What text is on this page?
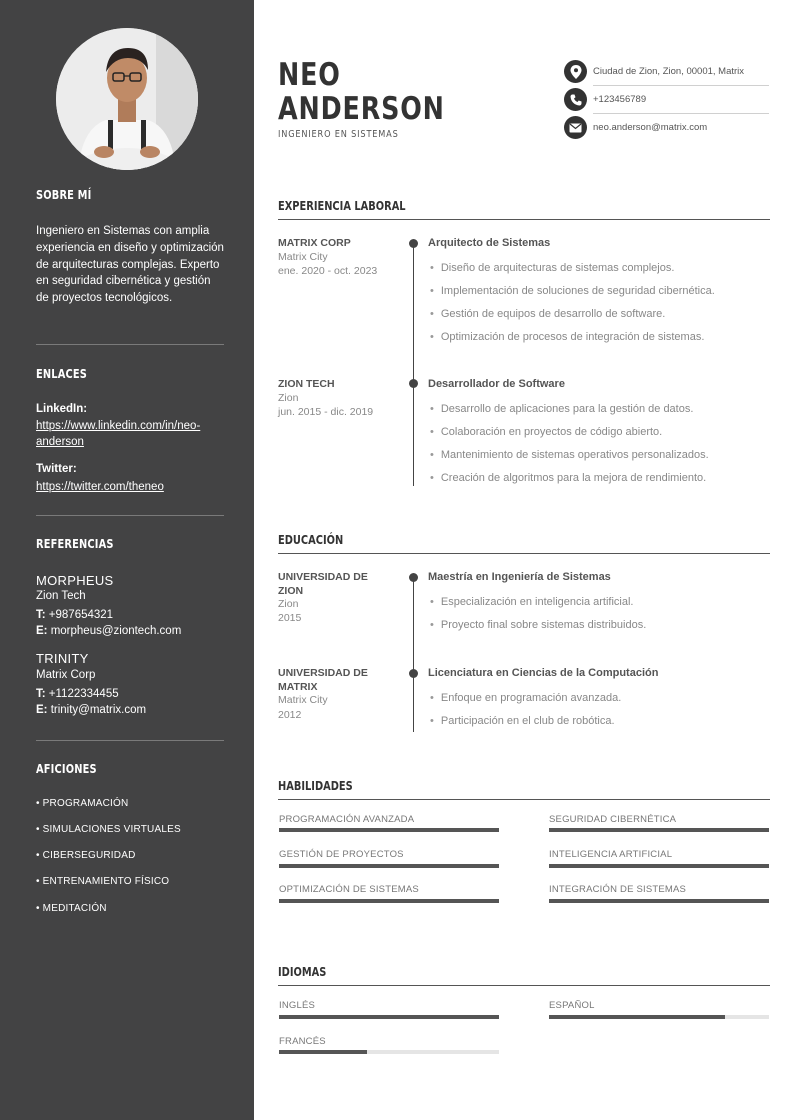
SOBRE MÍ
Ingeniero en Sistemas con amplia experiencia en diseño y optimización de arquitecturas complejas. Experto en seguridad cibernética y gestión de proyectos tecnológicos.
ENLACES
LinkedIn:
https://www.linkedin.com/in/neo-anderson
Twitter:
https://twitter.com/theneo
REFERENCIAS
MORPHEUS
Zion Tech
T: +987654321
E: morpheus@ziontech.com
TRINITY
Matrix Corp
T: +1122334455
E: trinity@matrix.com
AFICIONES
• PROGRAMACIÓN
• SIMULACIONES VIRTUALES
• CIBERSEGURIDAD
• ENTRENAMIENTO FÍSICO
• MEDITACIÓN
NEO
ANDERSON
INGENIERO EN SISTEMAS
Ciudad de Zion, Zion, 00001, Matrix
+123456789
neo.anderson@matrix.com
EXPERIENCIA LABORAL
MATRIX CORP
Matrix City
ene. 2020 - oct. 2023
Arquitecto de Sistemas
• Diseño de arquitecturas de sistemas complejos.
• Implementación de soluciones de seguridad cibernética.
• Gestión de equipos de desarrollo de software.
• Optimización de procesos de integración de sistemas.
ZION TECH
Zion
jun. 2015 - dic. 2019
Desarrollador de Software
• Desarrollo de aplicaciones para la gestión de datos.
• Colaboración en proyectos de código abierto.
• Mantenimiento de sistemas operativos personalizados.
• Creación de algoritmos para la mejora de rendimiento.
EDUCACIÓN
UNIVERSIDAD DE ZION
Zion
2015
Maestría en Ingeniería de Sistemas
• Especialización en inteligencia artificial.
• Proyecto final sobre sistemas distribuidos.
UNIVERSIDAD DE MATRIX
Matrix City
2012
Licenciatura en Ciencias de la Computación
• Enfoque en programación avanzada.
• Participación en el club de robótica.
HABILIDADES
PROGRAMACIÓN AVANZADA	SEGURIDAD CIBERNÉTICA
GESTIÓN DE PROYECTOS	INTELIGENCIA ARTIFICIAL
OPTIMIZACIÓN DE SISTEMAS	INTEGRACIÓN DE SISTEMAS
IDIOMAS
INGLÉS	ESPAÑOL
FRANCÉS
